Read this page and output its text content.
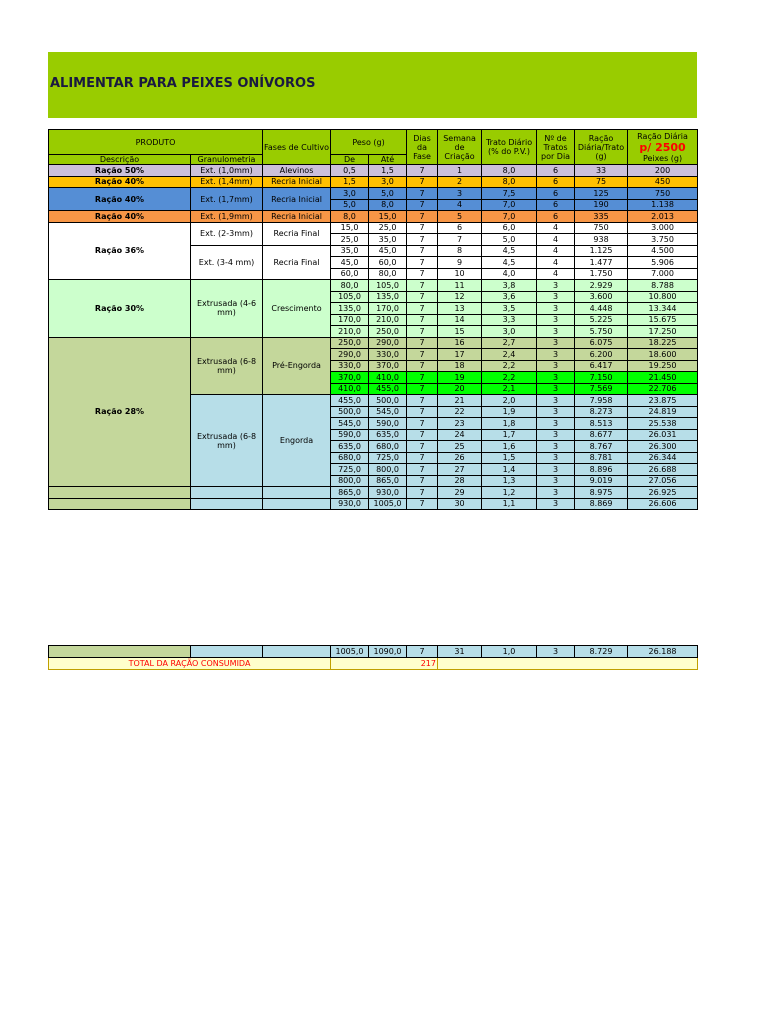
ALIMENTAR PARA PEIXES ONÍVOROS
PRODUTO		Fases de Cultivo	Peso (g)		Dias da Fase	Semana de Criação	Trato Diário (% do P.V.)	Nº de Tratos por Dia	Ração Diária/Trato (g)	Ração Diária
p/ 2500
Peixes (g)

Descrição	Granulometria		De	Até						
Ração 50%	Ext. (1,0mm)	Alevinos	0,5	1,5	7	1	8,0	6	33	200
Ração 40%	Ext. (1,4mm)	Recria Inicial	1,5	3,0	7	2	8,0	6	75	450
Ração 40%	Ext. (1,7mm)	Recria Inicial	3,0	5,0	7	3	7,5	6	125	750
			5,0	8,0	7	4	7,0	6	190	1.138
Ração 40%	Ext. (1,9mm)	Recria Inicial	8,0	15,0	7	5	7,0	6	335	2.013
Ração 36%	Ext. (2-3mm)	Recria Final	15,0	25,0	7	6	6,0	4	750	3.000
			25,0	35,0	7	7	5,0	4	938	3.750
	Ext. (3-4 mm)	Recria Final	35,0	45,0	7	8	4,5	4	1.125	4.500
			45,0	60,0	7	9	4,5	4	1.477	5.906
			60,0	80,0	7	10	4,0	4	1.750	7.000
Ração 30%	Extrusada (4-6 mm)	Crescimento	80,0	105,0	7	11	3,8	3	2.929	8.788
			105,0	135,0	7	12	3,6	3	3.600	10.800
			135,0	170,0	7	13	3,5	3	4.448	13.344
			170,0	210,0	7	14	3,3	3	5.225	15.675
			210,0	250,0	7	15	3,0	3	5.750	17.250
Ração 28%	Extrusada (6-8 mm)	Pré-Engorda	250,0	290,0	7	16	2,7	3	6.075	18.225
			290,0	330,0	7	17	2,4	3	6.200	18.600
			330,0	370,0	7	18	2,2	3	6.417	19.250
			370,0	410,0	7	19	2,2	3	7.150	21.450
			410,0	455,0	7	20	2,1	3	7.569	22.706
	Extrusada (6-8 mm)	Engorda	455,0	500,0	7	21	2,0	3	7.958	23.875
			500,0	545,0	7	22	1,9	3	8.273	24.819
			545,0	590,0	7	23	1,8	3	8.513	25.538
			590,0	635,0	7	24	1,7	3	8.677	26.031
			635,0	680,0	7	25	1,6	3	8.767	26.300
			680,0	725,0	7	26	1,5	3	8.781	26.344
			725,0	800,0	7	27	1,4	3	8.896	26.688
			800,0	865,0	7	28	1,3	3	9.019	27.056
			865,0	930,0	7	29	1,2	3	8.975	26.925
			930,0	1005,0	7	30	1,1	3	8.869	26.606
			1005,0	1090,0	7	31	1,0	3	8.729	26.188
TOTAL DA RAÇÃO CONSUMIDA			217							
